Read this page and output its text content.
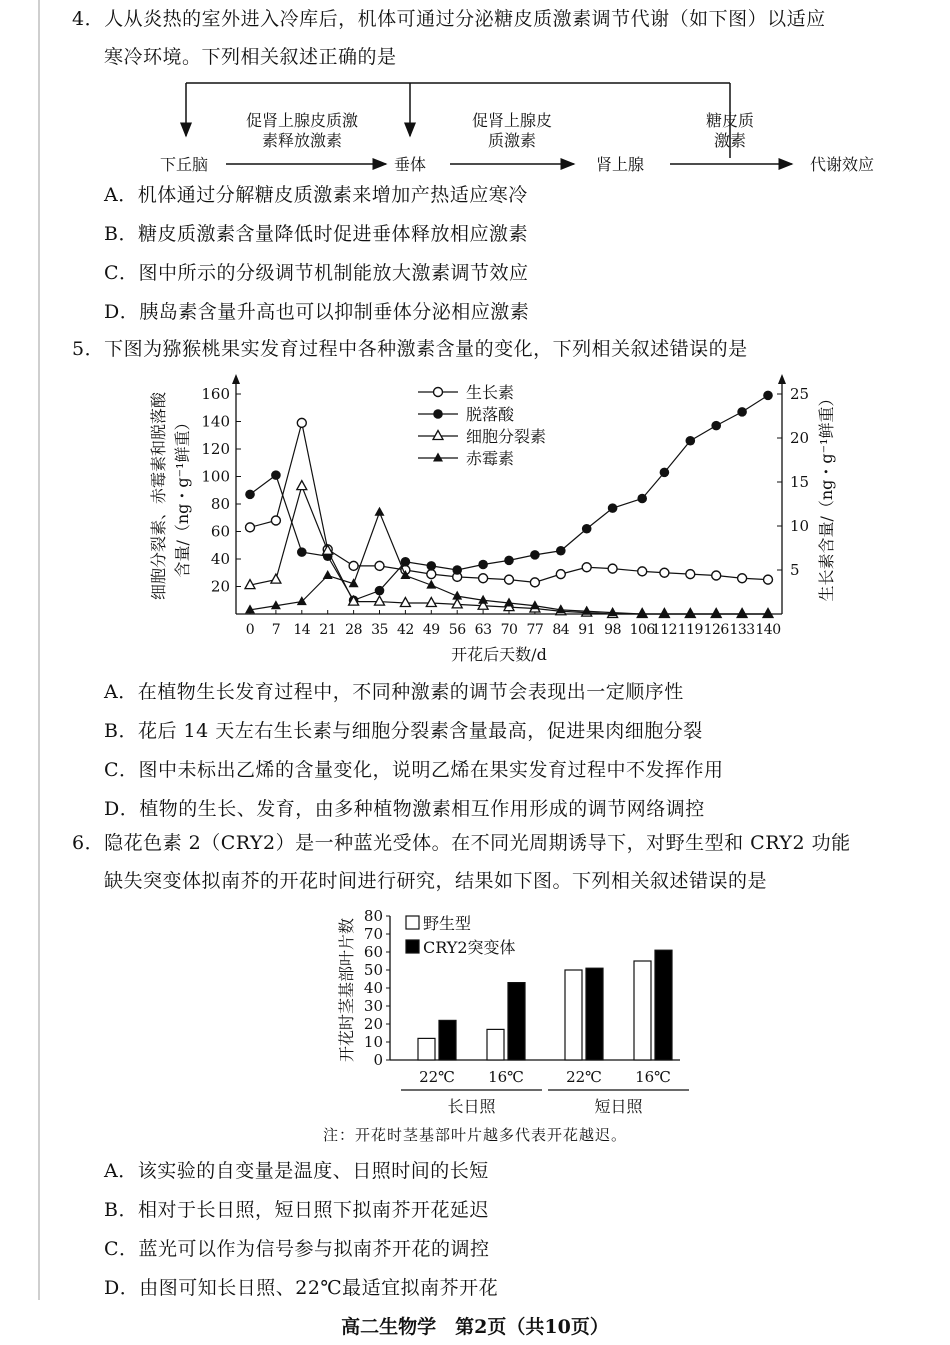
4．人从炎热的室外进入冷库后，机体可通过分泌糖皮质激素调节代谢（如下图）以适应
寒冷环境。下列相关叙述正确的是
下丘脑	垂体	肾上腺	代谢效应
促肾上腺皮质激
素释放激素
促肾上腺皮
质激素
糖皮质
激素
A．机体通过分解糖皮质激素来增加产热适应寒冷
B．糖皮质激素含量降低时促进垂体释放相应激素
C．图中所示的分级调节机制能放大激素调节效应
D．胰岛素含量升高也可以抑制垂体分泌相应激素
5．下图为猕猴桃果实发育过程中各种激素含量的变化，下列相关叙述错 •误 •的是
20
40
60
80
100
120
140
160
5
10
15
20
25
0 7 14 21 28 35 42 49 56 63 70 77 84 91 98 106
112 119 126 133 140
开花后天数/d
细胞分裂素、赤霉素和脱落酸 含量/（ng・g⁻¹鲜重）	生长素含量/（ng・g⁻¹鲜重）
生长素
脱落酸
细胞分裂素
赤霉素
A．在植物生长发育过程中，不同种激素的调节会表现出一定顺序性
B．花后 14 天左右生长素与细胞分裂素含量最高，促进果肉细胞分裂
C．图中未标出乙烯的含量变化，说明乙烯在果实发育过程中不发挥作用
D．植物的生长、发育，由多种植物激素相互作用形成的调节网络调控
6．隐花色素 2（CRY2）是一种蓝光受体。在不同光周期诱导下，对野生型和 CRY2 功能
缺失突变体拟南芥的开花时间进行研究，结果如下图。下列相关叙述错 •误 •的是
0
10
20
30
40
50
60
70
80
开花时茎基部叶片数
22℃ 16℃
长日照
22℃ 16℃
短日照
野生型
CRY2突变体
注：开花时茎基部叶片越多代表开花越迟。
A．该实验的自变量是温度、日照时间的长短
B．相对于长日照，短日照下拟南芥开花延迟
C．蓝光可以作为信号参与拟南芥开花的调控
D．由图可知长日照、22℃最适宜拟南芥开花
高二生物学　第2页（共10页）
